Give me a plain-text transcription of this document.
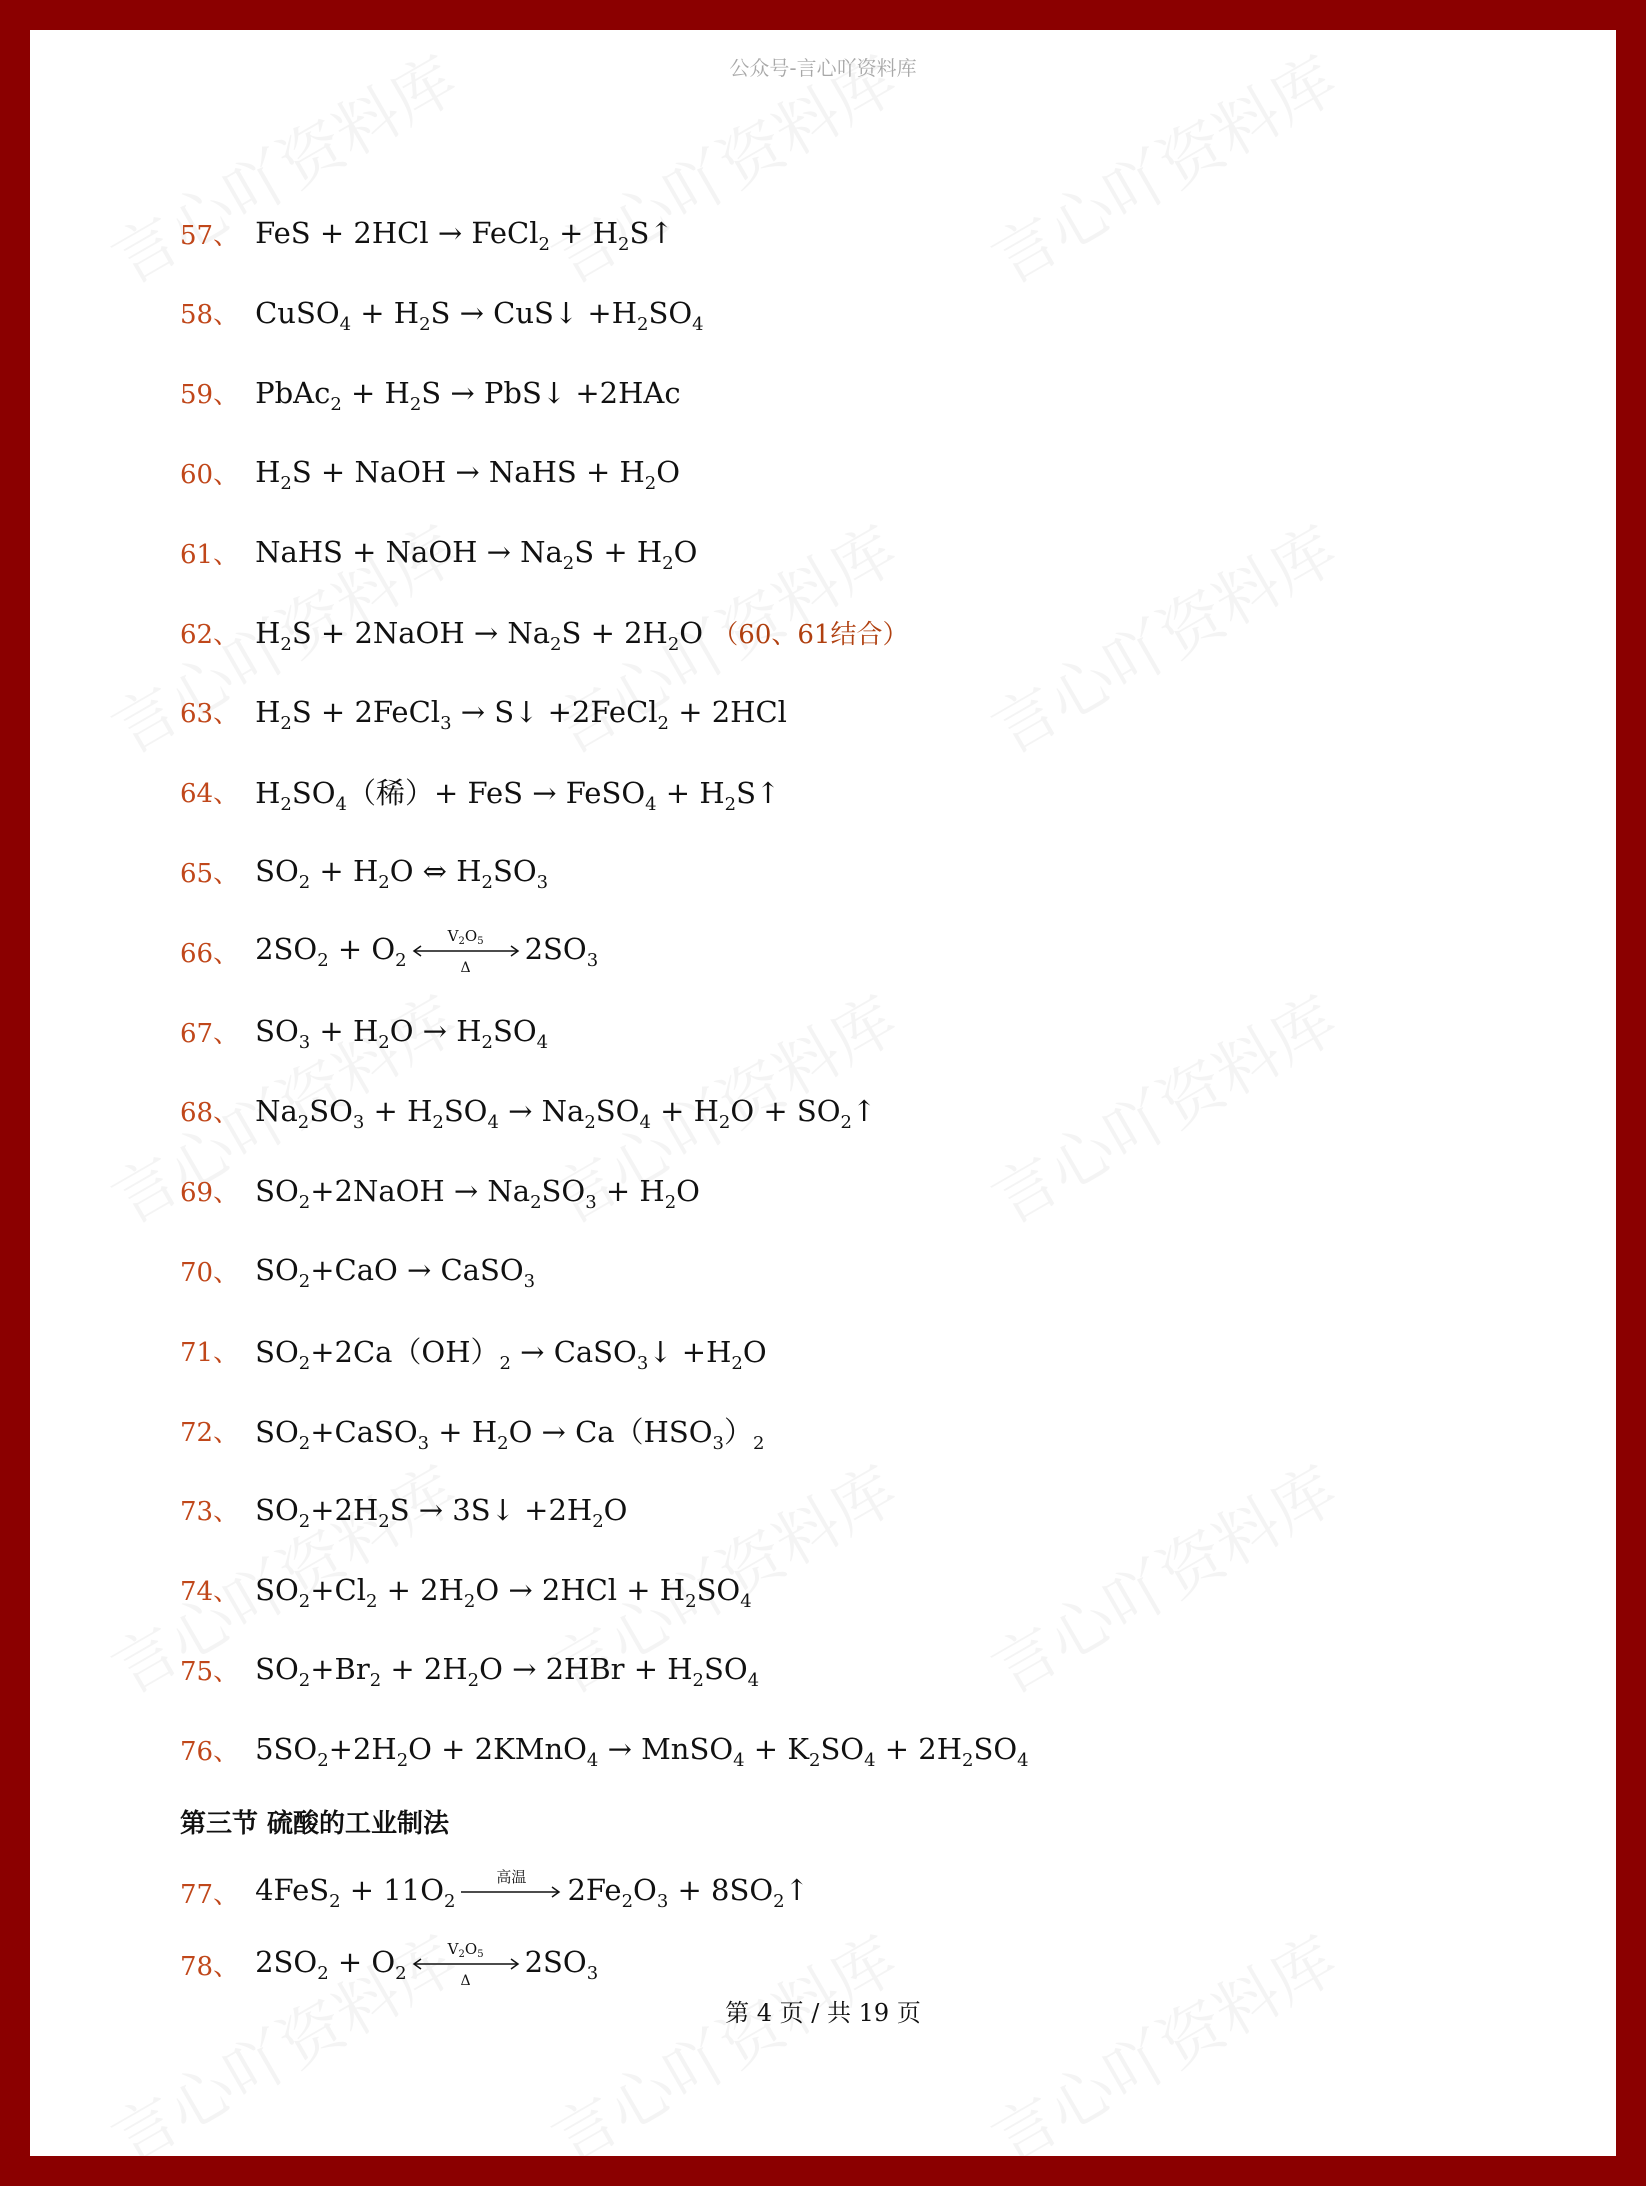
公众号-言心吖资料库
57、 FeS + 2HCl → FeCl$_2$ + $H_2S↑$
58、 CuSO$_4$ + $H_2S$ → CuS↓ $+H_2SO_4$
59、 PbAc$_2$ + $H_2S$ → PbS↓ +2HAc
60、 $H_2S$ + NaOH → NaHS + $H_2O$
61、 NaHS + NaOH → $Na_2S + H_2O$
62、 $H_2S$ + 2NaOH → $Na_2S + 2H_2O$ （60、61结合）
63、 $H_2S$ + 2FeCl$_3$ → S↓ +2FeCl$_2$ + 2HCl
64、 $H_2SO_4$（稀）+ FeS → FeSO$_4$ + $H_2S↑$
65、 $SO_2 + H_2O$ ⇔ $H_2SO_3$
66、 $2SO_2 + O_2$
$V_2O_5$
Δ
$2SO_3$
67、 $SO_3 + H_2O \to H_2SO_4$
68、 $Na_2SO_3 + H_2SO_4 \to Na_2SO_4 + H_2O$ + $SO_2↑$
69、 $SO_2+2NaOH \to Na_2SO_3 + H_2O$
70、 $SO_2+CaO$ → CaSO$_3$
71、 $SO_2+2Ca(OH)_2$ → CaSO$_3$↓ $+H_2O$
72、 $SO_2+CaSO_3 + H_2O \to Ca(HSO_3)_2$
73、 $SO_2+2H_2S$ → 3S↓ $+2H_2O$
74、 $SO_2+Cl_2 + 2H_2O \to 2HCl + H_2SO_4$
75、 $SO_2+Br_2 + 2H_2O \to 2HBr + H_2SO_4$
76、 $5SO_2+2H_2O$ + 2KMnO$_4$ → MnSO$_4$ + $K_2SO_4 + 2H_2SO_4$
第三节 硫酸的工业制法
77、 $4FeS_2 + 11O_2$
高温	$2Fe_2O_3$ + $8SO_2↑$
78、 $2SO_2 + O_2$
$V_2O_5$
Δ
$2SO_3$
第 4 页 / 共 19 页
